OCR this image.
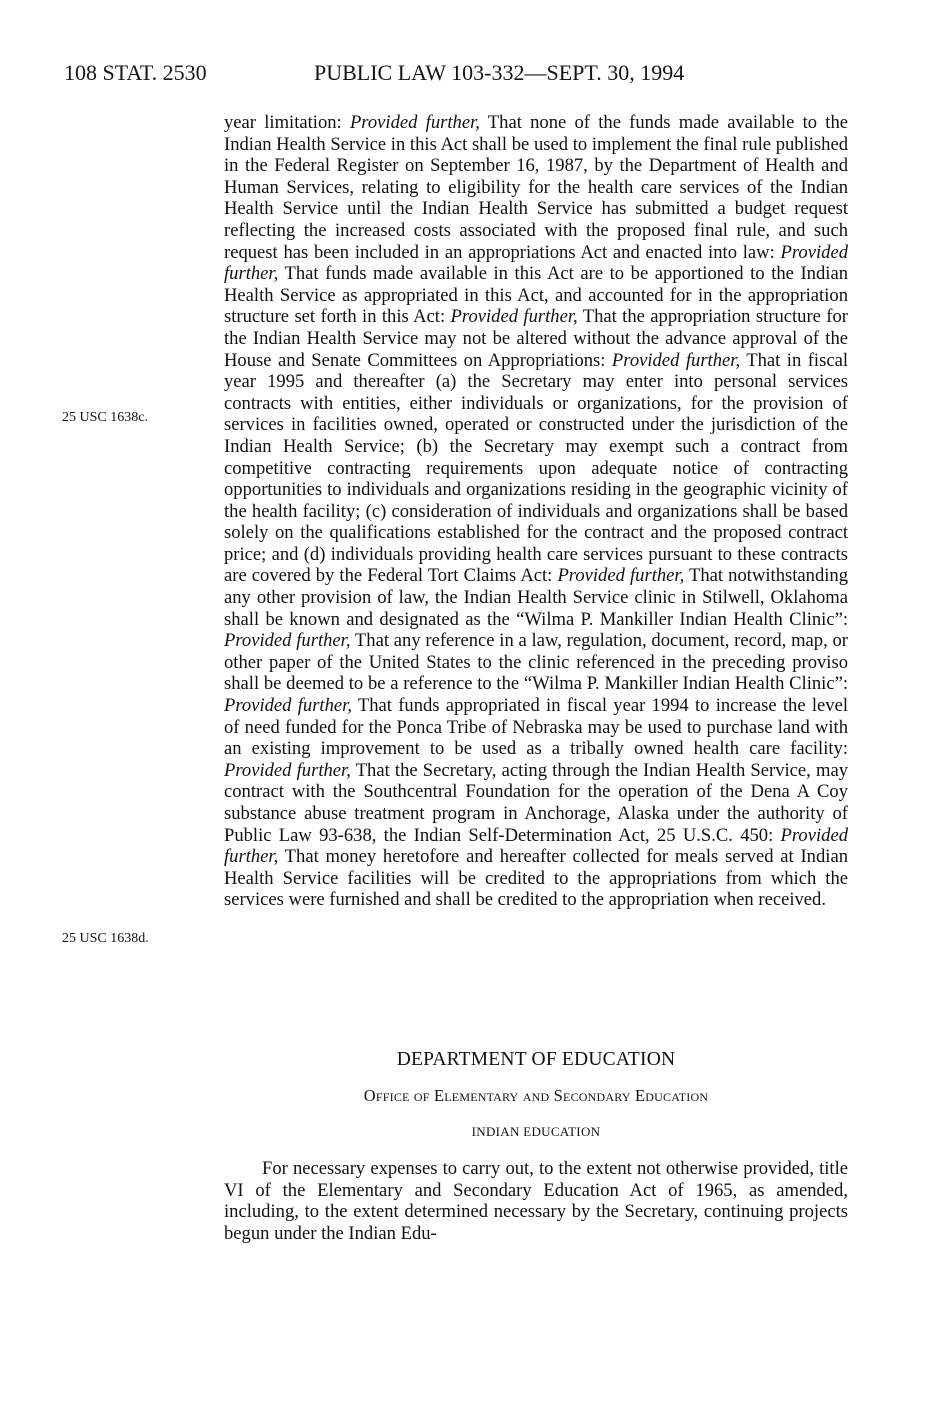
108 STAT. 2530	PUBLIC LAW 103-332—SEPT. 30, 1994
25 USC 1638c.
25 USC 1638d.

year limitation: Provided further, That none of the funds made available to the Indian Health Service in this Act shall be used to implement the final rule published in the Federal Register on September 16, 1987, by the Department of Health and Human Services, relating to eligibility for the health care services of the Indian Health Service until the Indian Health Service has submitted a budget request reflecting the increased costs associated with the proposed final rule, and such request has been included in an appropriations Act and enacted into law: Provided further, That funds made available in this Act are to be apportioned to the Indian Health Service as appropriated in this Act, and accounted for in the appropriation structure set forth in this Act: Provided further, That the appropriation structure for the Indian Health Service may not be altered without the advance approval of the House and Senate Committees on Appropriations: Provided further, That in fiscal year 1995 and thereafter (a) the Secretary may enter into personal services contracts with entities, either individuals or organizations, for the provision of services in facilities owned, operated or constructed under the jurisdiction of the Indian Health Service; (b) the Secretary may exempt such a contract from competitive contracting requirements upon adequate notice of contracting opportunities to individuals and organizations residing in the geographic vicinity of the health facility; (c) consideration of individuals and organizations shall be based solely on the qualifications established for the contract and the proposed contract price; and (d) individuals providing health care services pursuant to these contracts are covered by the Federal Tort Claims Act: Provided further, That notwithstanding any other provision of law, the Indian Health Service clinic in Stilwell, Oklahoma shall be known and designated as the “Wilma P. Mankiller Indian Health Clinic”: Provided further, That any reference in a law, regulation, document, record, map, or other paper of the United States to the clinic referenced in the preceding proviso shall be deemed to be a reference to the “Wilma P. Mankiller Indian Health Clinic”: Provided further, That funds appropriated in fiscal year 1994 to increase the level of need funded for the Ponca Tribe of Nebraska may be used to purchase land with an existing improvement to be used as a tribally owned health care facility: Provided further, That the Secretary, acting through the Indian Health Service, may contract with the Southcentral Foundation for the operation of the Dena A Coy substance abuse treatment program in Anchorage, Alaska under the authority of Public Law 93-638, the Indian Self-Determination Act, 25 U.S.C. 450: Provided further, That money heretofore and hereafter collected for meals served at Indian Health Service facilities will be credited to the appropriations from which the services were furnished and shall be credited to the appropriation when received.

DEPARTMENT OF EDUCATION
Office of Elementary and Secondary Education
INDIAN EDUCATION

For necessary expenses to carry out, to the extent not otherwise provided, title VI of the Elementary and Secondary Education Act of 1965, as amended, including, to the extent determined necessary by the Secretary, continuing projects begun under the Indian Edu-
